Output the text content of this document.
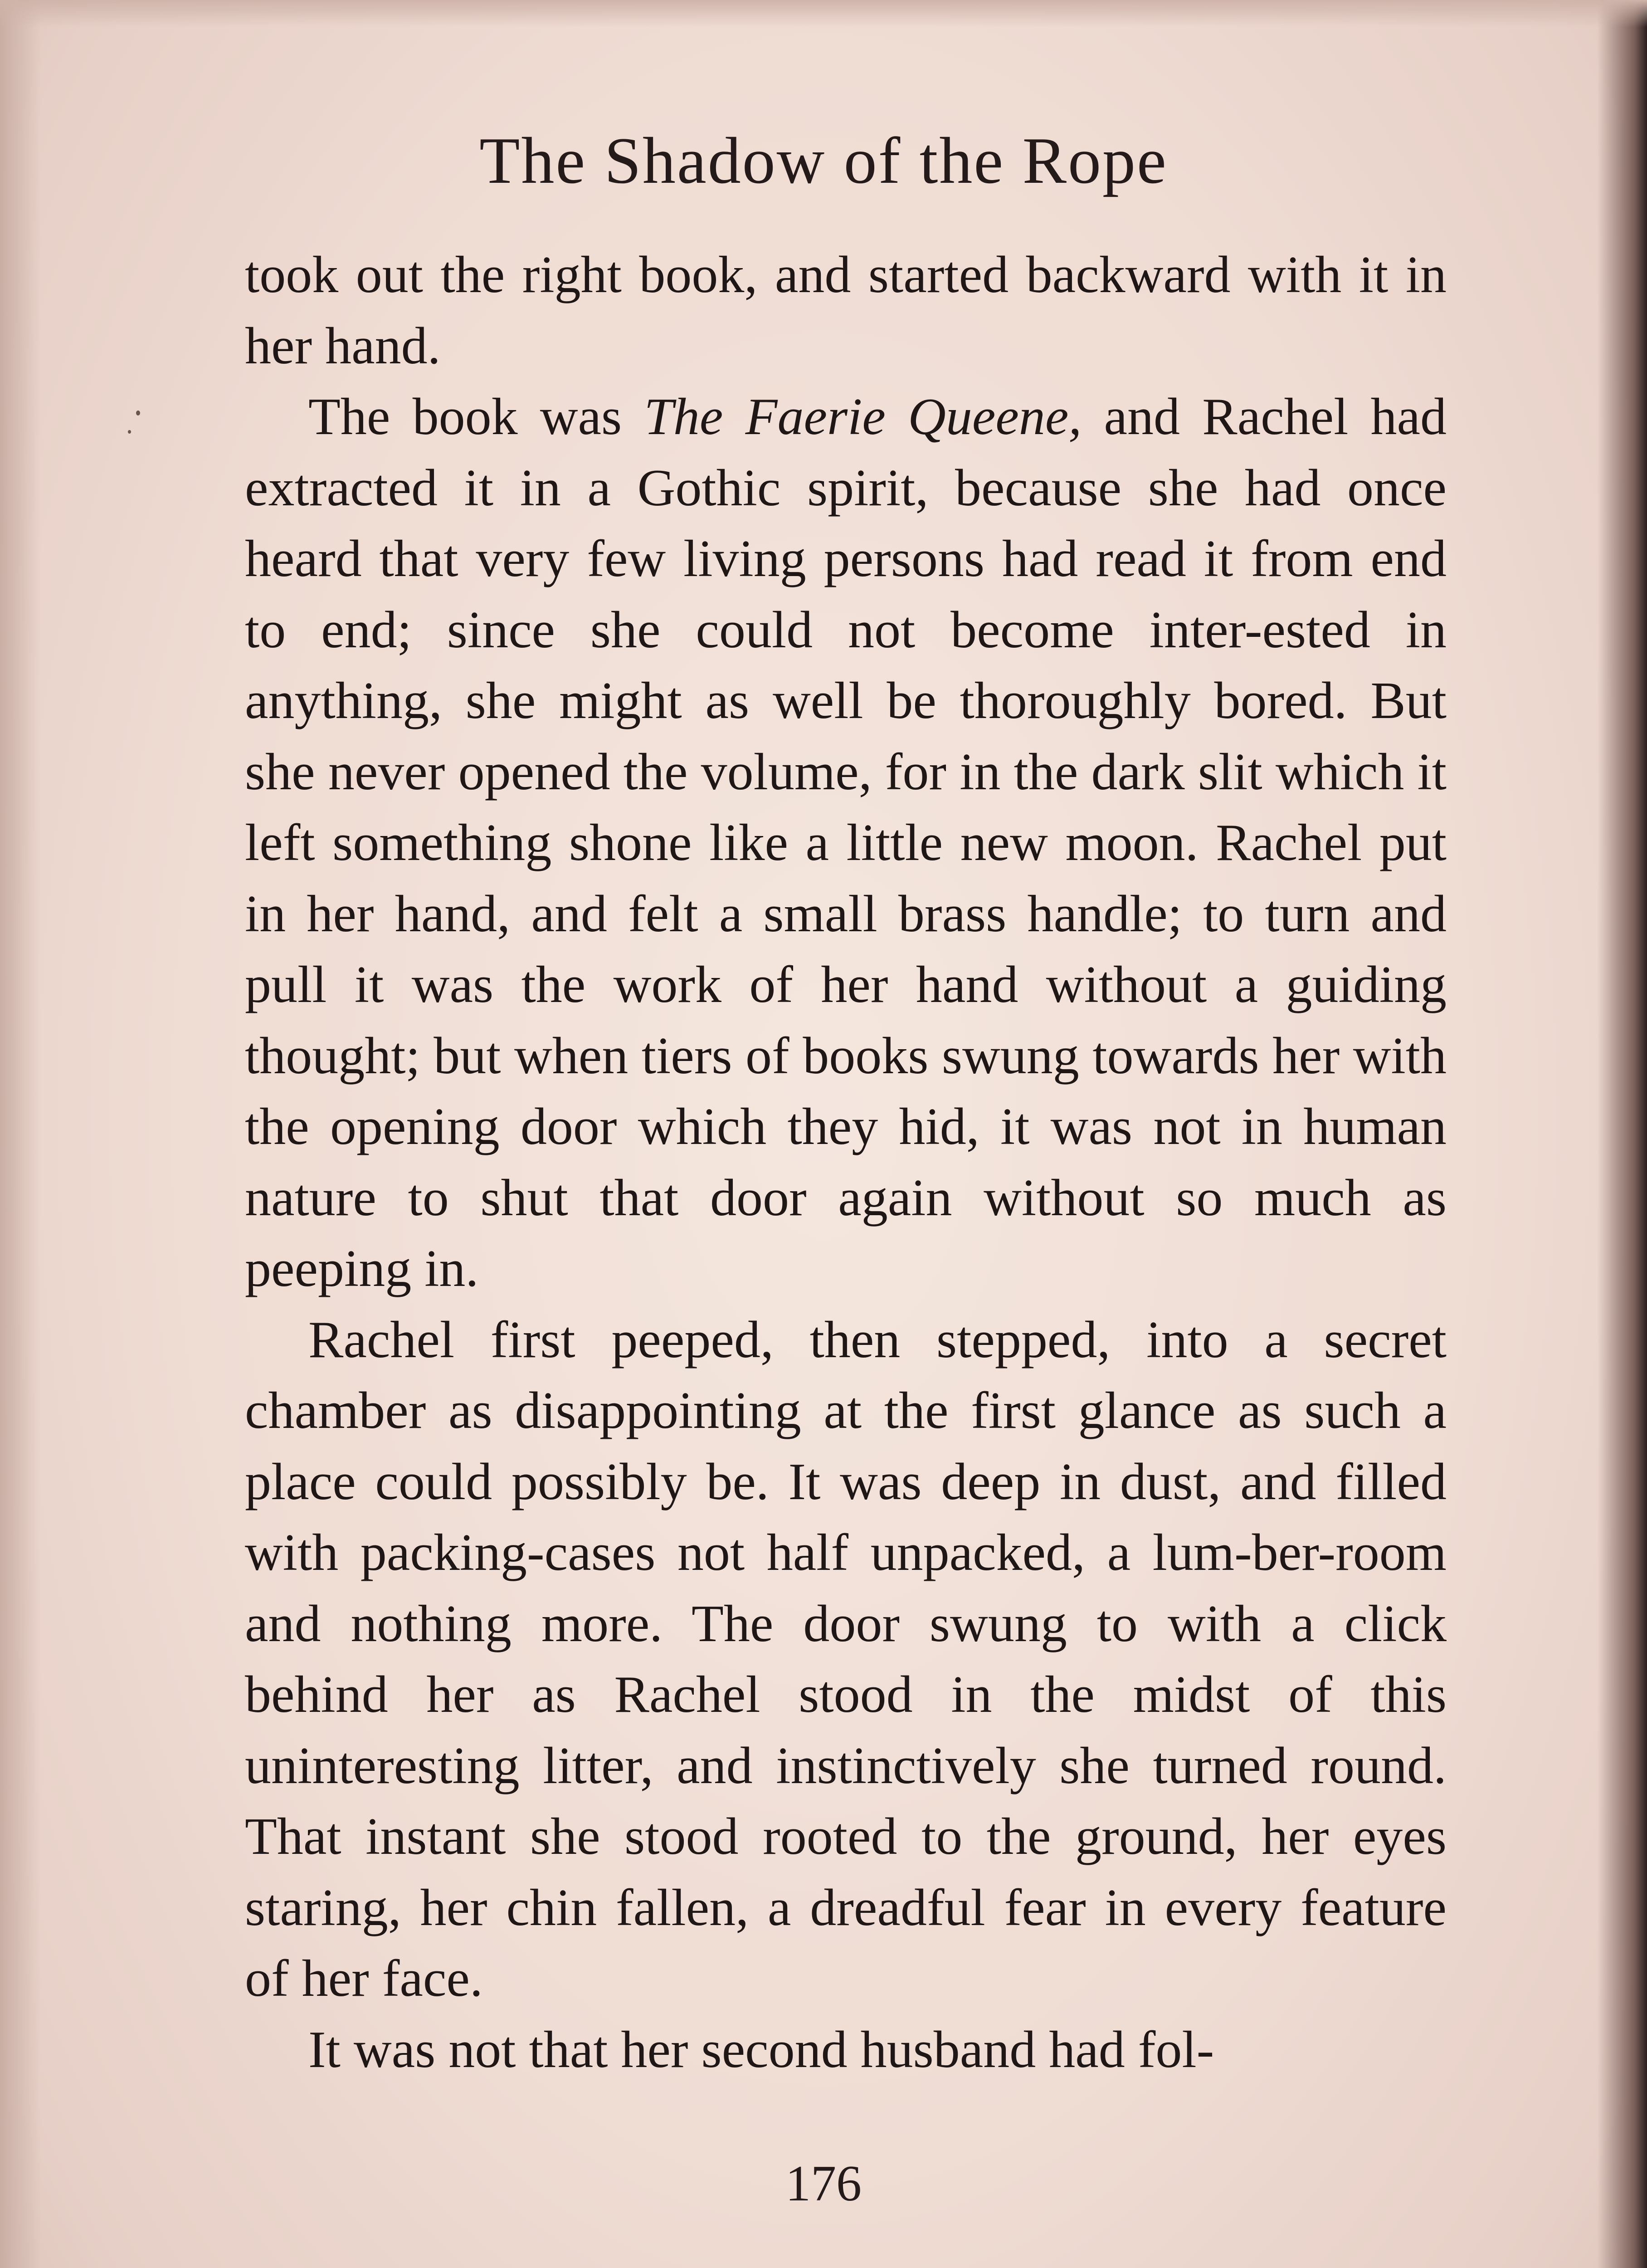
The Shadow of the Rope

took out the right book, and started backward with it in her hand.

The book was The Faerie Queene, and Rachel had extracted it in a Gothic spirit, because she had once heard that very few living persons had read it from end to end; since she could not become inter-ested in anything, she might as well be thoroughly bored. But she never opened the volume, for in the dark slit which it left something shone like a little new moon. Rachel put in her hand, and felt a small brass handle; to turn and pull it was the work of her hand without a guiding thought; but when tiers of books swung towards her with the opening door which they hid, it was not in human nature to shut that door again without so much as peeping in.

Rachel first peeped, then stepped, into a secret chamber as disappointing at the first glance as such a place could possibly be. It was deep in dust, and filled with packing-cases not half unpacked, a lum-ber-room and nothing more. The door swung to with a click behind her as Rachel stood in the midst of this uninteresting litter, and instinctively she turned round. That instant she stood rooted to the ground, her eyes staring, her chin fallen, a dreadful fear in every feature of her face.

It was not that her second husband had fol-

176
